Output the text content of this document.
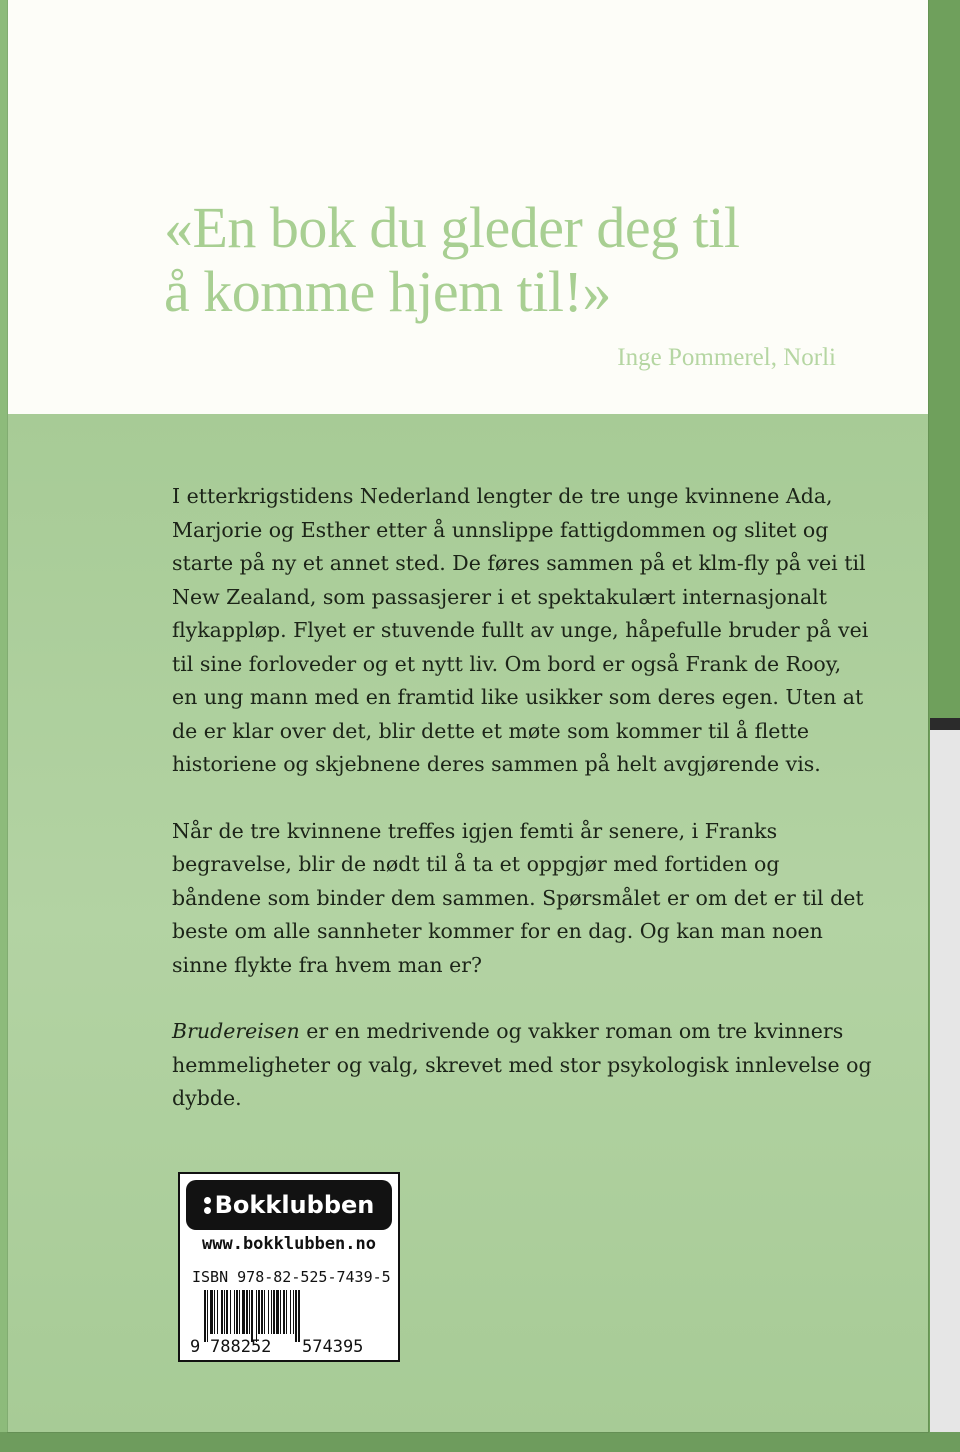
«En bok du gleder deg til
å komme hjem til!»

Inge Pommerel, Norli

I etterkrigstidens Nederland lengter de tre unge kvinnene Ada, Marjorie og Esther etter å unnslippe fattigdommen og slitet og starte på ny et annet sted. De føres sammen på et klm-fly på vei til New Zealand, som passasjerer i et spektakulært internasjonalt flykappløp. Flyet er stuvende fullt av unge, håpefulle bruder på vei til sine forloveder og et nytt liv. Om bord er også Frank de Rooy, en ung mann med en framtid like usikker som deres egen. Uten at de er klar over det, blir dette et møte som kommer til å flette historiene og skjebnene deres sammen på helt avgjørende vis.

Når de tre kvinnene treffes igjen femti år senere, i Franks begravelse, blir de nødt til å ta et oppgjør med fortiden og båndene som binder dem sammen. Spørsmålet er om det er til det beste om alle sannheter kommer for en dag. Og kan man noen sinne flykte fra hvem man er?

Brudereisen er en medrivende og vakker roman om tre kvinners hemmeligheter og valg, skrevet med stor psykologisk innlevelse og dybde.

Bokklubben
www.bokklubben.no
ISBN 978-82-525-7439-5
9 788252 574395
